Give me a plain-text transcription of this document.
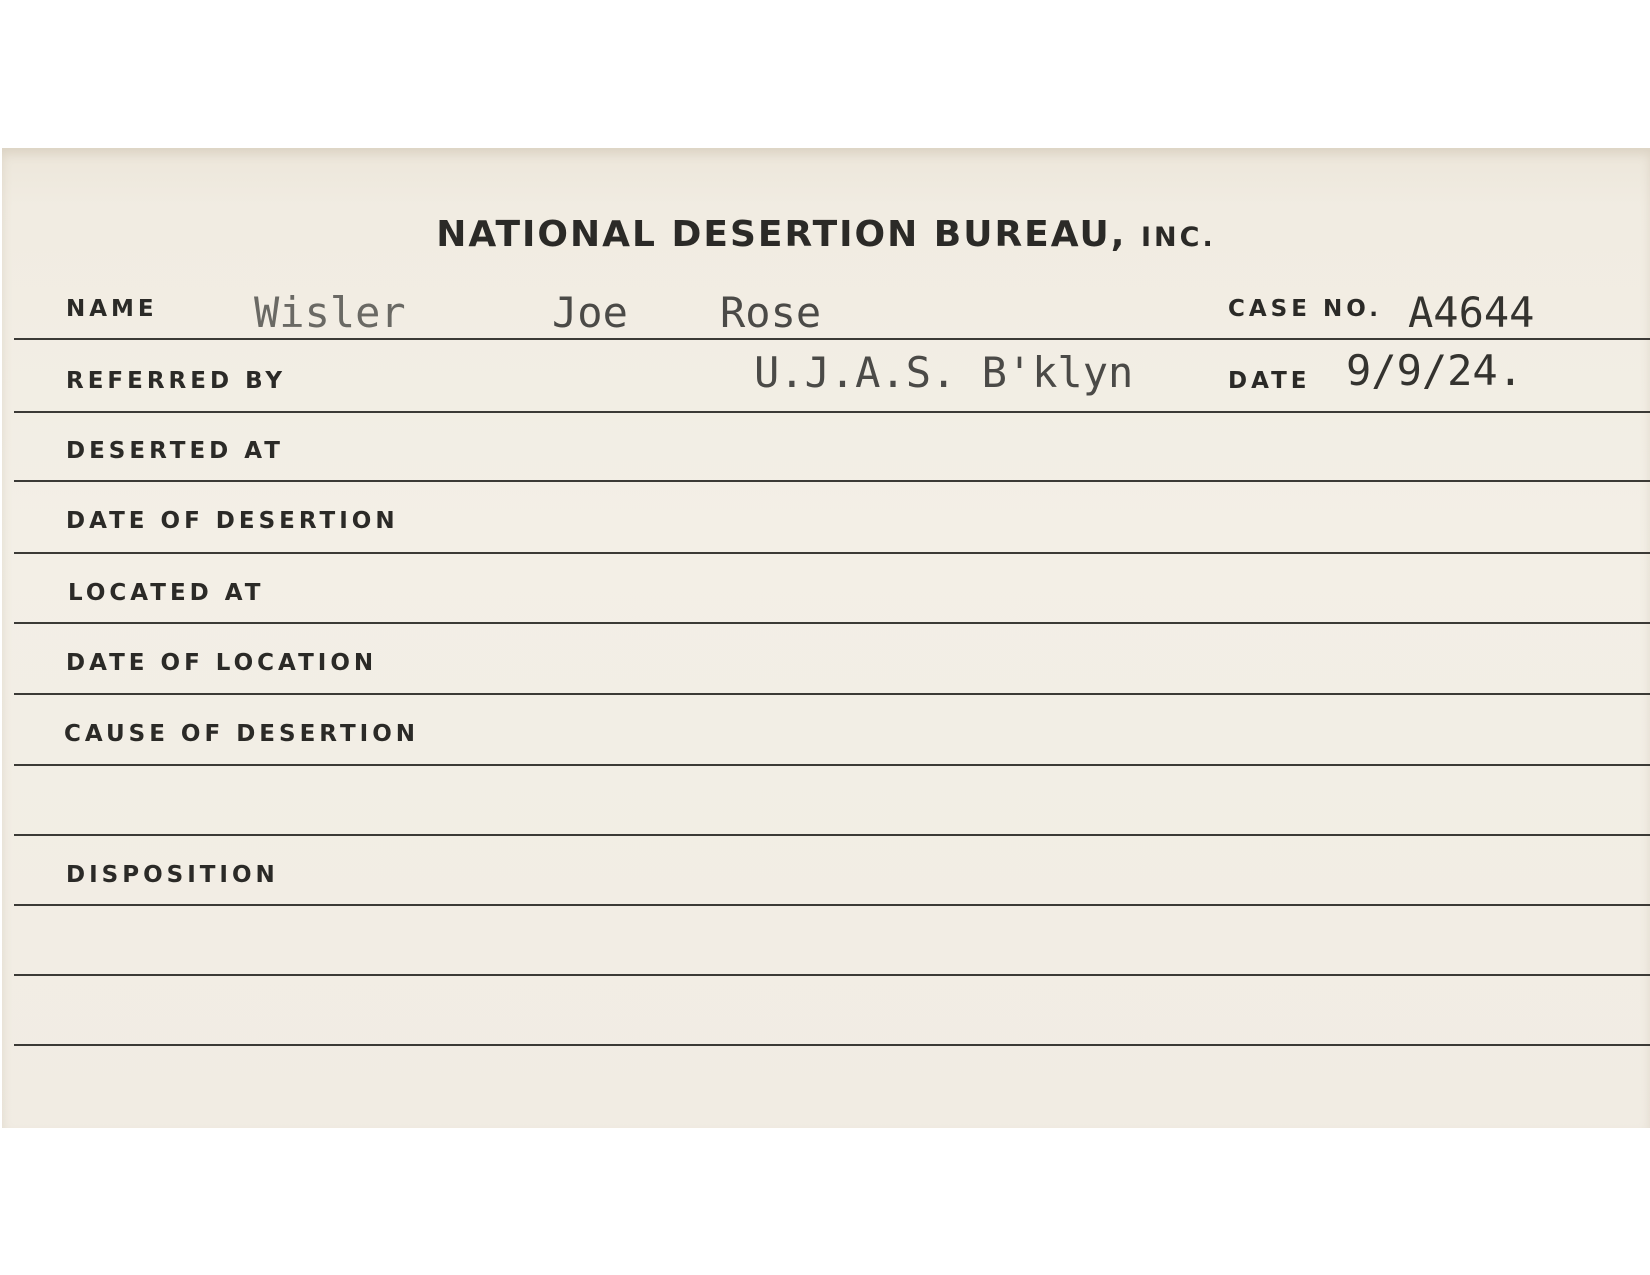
NATIONAL DESERTION BUREAU, INC.
NAME Wisler	Joe Rose	CASE NO. A4644
REFERRED BY	U.J.A.S. B'klyn	DATE 9/9/24.
DESERTED AT
DATE OF DESERTION
LOCATED AT
DATE OF LOCATION
CAUSE OF DESERTION
DISPOSITION
